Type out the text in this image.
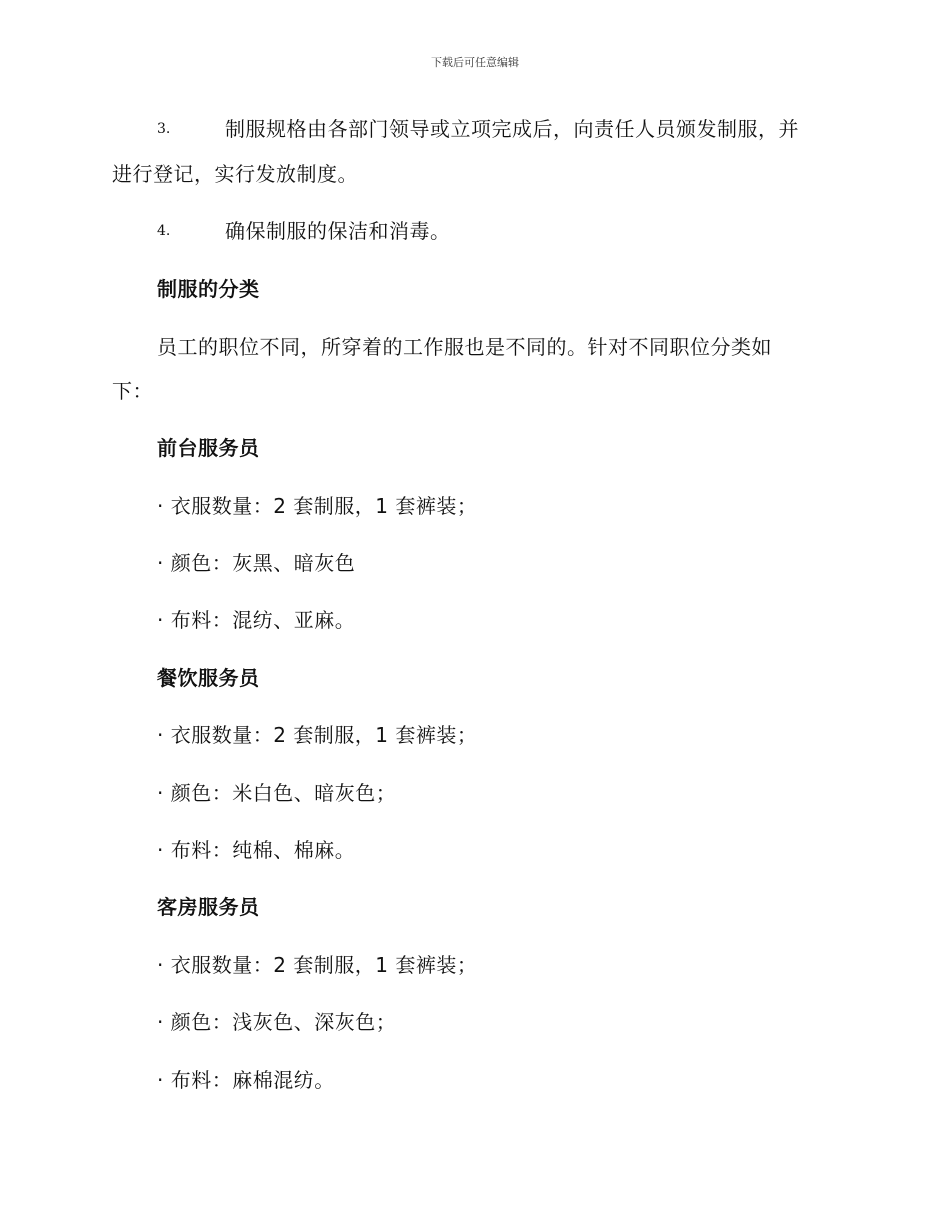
下载后可任意编辑
3.	制服规格由各部门领导或立项完成后，向责任人员颁发制服，并
进行登记，实行发放制度。
4.	确保制服的保洁和消毒。
制服的分类
员工的职位不同，所穿着的工作服也是不同的。针对不同职位分类如
下：
前台服务员
· 衣服数量：2 套制服，1 套裤装；
· 颜色：灰黑、暗灰色
· 布料：混纺、亚麻。
餐饮服务员
· 衣服数量：2 套制服，1 套裤装；
· 颜色：米白色、暗灰色；
· 布料：纯棉、棉麻。
客房服务员
· 衣服数量：2 套制服，1 套裤装；
· 颜色：浅灰色、深灰色；
· 布料：麻棉混纺。
